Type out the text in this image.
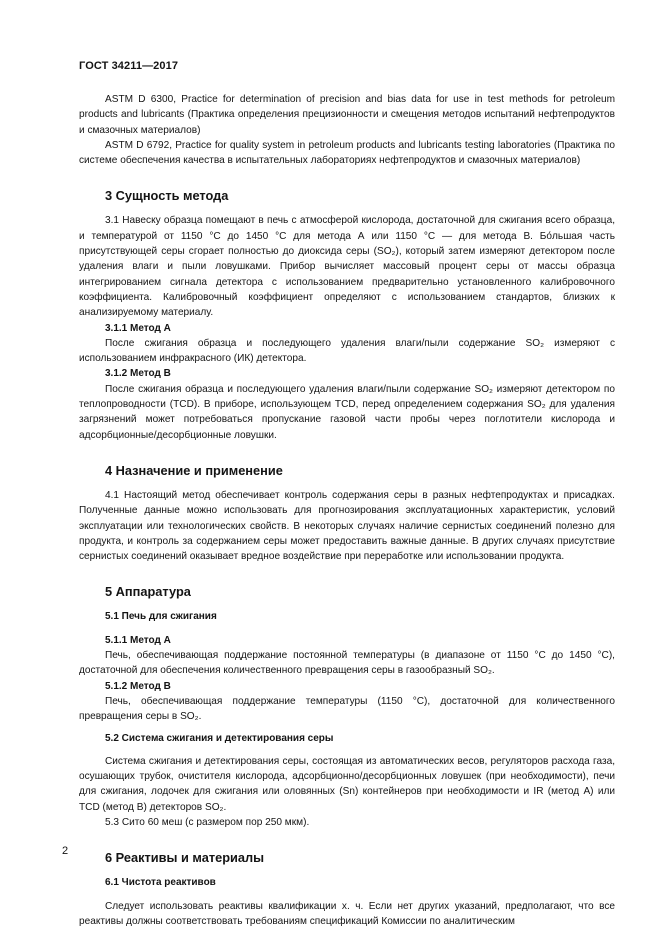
ГОСТ 34211—2017

ASTM D 6300, Practice for determination of precision and bias data for use in test methods for petroleum products and lubricants (Практика определения прецизионности и смещения методов испытаний нефтепродуктов и смазочных материалов)

ASTM D 6792, Practice for quality system in petroleum products and lubricants testing laboratories (Практика по системе обеспечения качества в испытательных лабораториях нефтепродуктов и смазочных материалов)

3 Сущность метода

3.1 Навеску образца помещают в печь с атмосферой кислорода, достаточной для сжигания всего образца, и температурой от 1150 °С до 1450 °С для метода А или 1150 °С — для метода В. Бо́льшая часть присутствующей серы сгорает полностью до диоксида серы (SO₂), который затем измеряют детектором после удаления влаги и пыли ловушками. Прибор вычисляет массовый процент серы от массы образца интегрированием сигнала детектора с использованием предварительно установленного калибровочного коэффициента. Калибровочный коэффициент определяют с использованием стандартов, близких к анализируемому материалу.

3.1.1 Метод А

После сжигания образца и последующего удаления влаги/пыли содержание SO₂ измеряют с использованием инфракрасного (ИК) детектора.

3.1.2 Метод В

После сжигания образца и последующего удаления влаги/пыли содержание SO₂ измеряют детектором по теплопроводности (TCD). В приборе, использующем TCD, перед определением содержания SO₂ для удаления загрязнений может потребоваться пропускание газовой части пробы через поглотители кислорода и адсорбционные/десорбционные ловушки.

4 Назначение и применение

4.1 Настоящий метод обеспечивает контроль содержания серы в разных нефтепродуктах и присадках. Полученные данные можно использовать для прогнозирования эксплуатационных характеристик, условий эксплуатации или технологических свойств. В некоторых случаях наличие сернистых соединений полезно для продукта, и контроль за содержанием серы может предоставить важные данные. В других случаях присутствие сернистых соединений оказывает вредное воздействие при переработке или использовании продукта.

5 Аппаратура
5.1 Печь для сжигания
5.1.1 Метод А

Печь, обеспечивающая поддержание постоянной температуры (в диапазоне от 1150 °С до 1450 °С), достаточной для обеспечения количественного превращения серы в газообразный SO₂.

5.1.2 Метод В

Печь, обеспечивающая поддержание температуры (1150 °С), достаточной для количественного превращения серы в SO₂.

5.2 Система сжигания и детектирования серы

Система сжигания и детектирования серы, состоящая из автоматических весов, регуляторов расхода газа, осушающих трубок, очистителя кислорода, адсорбционно/десорбционных ловушек (при необходимости), печи для сжигания, лодочек для сжигания или оловянных (Sn) контейнеров при необходимости и IR (метод А) или TCD (метод В) детекторов SO₂.

5.3 Сито 60 меш (с размером пор 250 мкм).

6 Реактивы и материалы
6.1 Чистота реактивов

Следует использовать реактивы квалификации х. ч. Если нет других указаний, предполагают, что все реактивы должны соответствовать требованиям спецификаций Комиссии по аналитическим

2
